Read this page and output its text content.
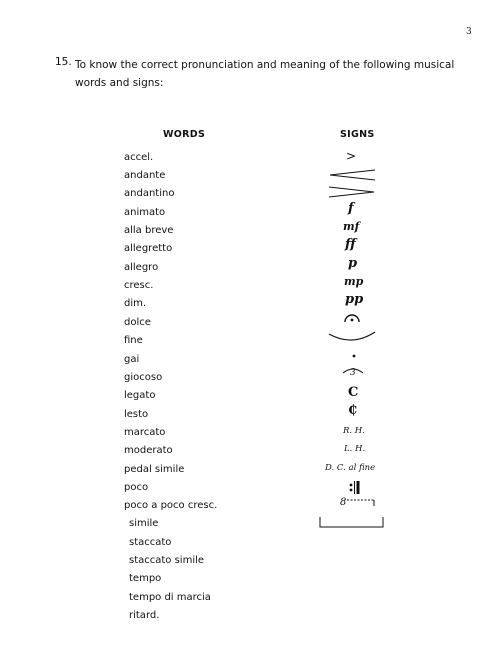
3
15. To know the correct pronunciation and meaning of the following musical words and signs:
WORDS	SIGNS
accel.
andante
andantino
animato
alla breve
allegretto
allegro
cresc.
dim.
dolce
fine
gai
giocoso
legato
lesto
marcato
moderato
pedal simile
poco
poco a poco cresc.
simile
staccato
staccato simile
tempo
tempo di marcia
ritard.
>
f
mf
ff
p
mp
pp
3
C
₵
R. H.
L. H.
D. C. al fine
8
